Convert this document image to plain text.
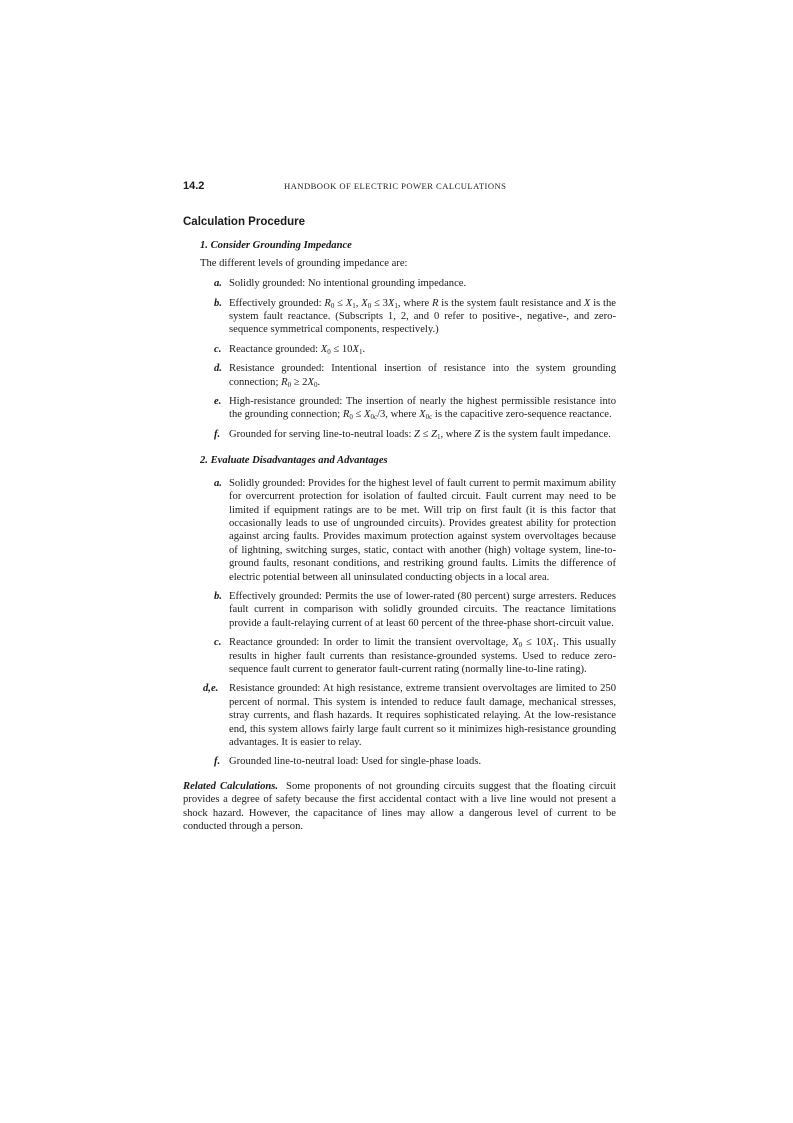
14.2	HANDBOOK OF ELECTRIC POWER CALCULATIONS
Calculation Procedure
1. Consider Grounding Impedance
The different levels of grounding impedance are:
a. Solidly grounded: No intentional grounding impedance.
b. Effectively grounded: $R_0 \le X_1$, $X_0 \le 3X_1$, where R is the system fault resistance and X is the system fault reactance. (Subscripts 1, 2, and 0 refer to positive-, negative-, and zero-sequence symmetrical components, respectively.)
c. Reactance grounded: $X_0 \le 10X_1$.
d. Resistance grounded: Intentional insertion of resistance into the system grounding connection; $R_0 \ge 2X_0$.
e. High-resistance grounded: The insertion of nearly the highest permissible resistance into the grounding connection; $R_0 \le X_{0c}/3$, where $X_{0c}$ is the capacitive zero-sequence reactance.
f. Grounded for serving line-to-neutral loads: $Z \le Z_1$, where Z is the system fault impedance.
2. Evaluate Disadvantages and Advantages
a. Solidly grounded: Provides for the highest level of fault current to permit maximum ability for overcurrent protection for isolation of faulted circuit. Fault current may need to be limited if equipment ratings are to be met. Will trip on first fault (it is this factor that occasionally leads to use of ungrounded circuits). Provides greatest ability for protection against arcing faults. Provides maximum protection against system overvoltages because of lightning, switching surges, static, contact with another (high) voltage system, line-to-ground faults, resonant conditions, and restriking ground faults. Limits the difference of electric potential between all uninsulated conducting objects in a local area.
b. Effectively grounded: Permits the use of lower-rated (80 percent) surge arresters. Reduces fault current in comparison with solidly grounded circuits. The reactance limitations provide a fault-relaying current of at least 60 percent of the three-phase short-circuit value.
c. Reactance grounded: In order to limit the transient overvoltage, $X_0 \le 10X_1$. This usually results in higher fault currents than resistance-grounded systems. Used to reduce zero-sequence fault current to generator fault-current rating (normally line-to-line rating).
d,e. Resistance grounded: At high resistance, extreme transient overvoltages are limited to 250 percent of normal. This system is intended to reduce fault damage, mechanical stresses, stray currents, and flash hazards. It requires sophisticated relaying. At the low-resistance end, this system allows fairly large fault current so it minimizes high-resistance grounding advantages. It is easier to relay.
f. Grounded line-to-neutral load: Used for single-phase loads.
Related Calculations. Some proponents of not grounding circuits suggest that the floating circuit provides a degree of safety because the first accidental contact with a live line would not present a shock hazard. However, the capacitance of lines may allow a dangerous level of current to be conducted through a person.
